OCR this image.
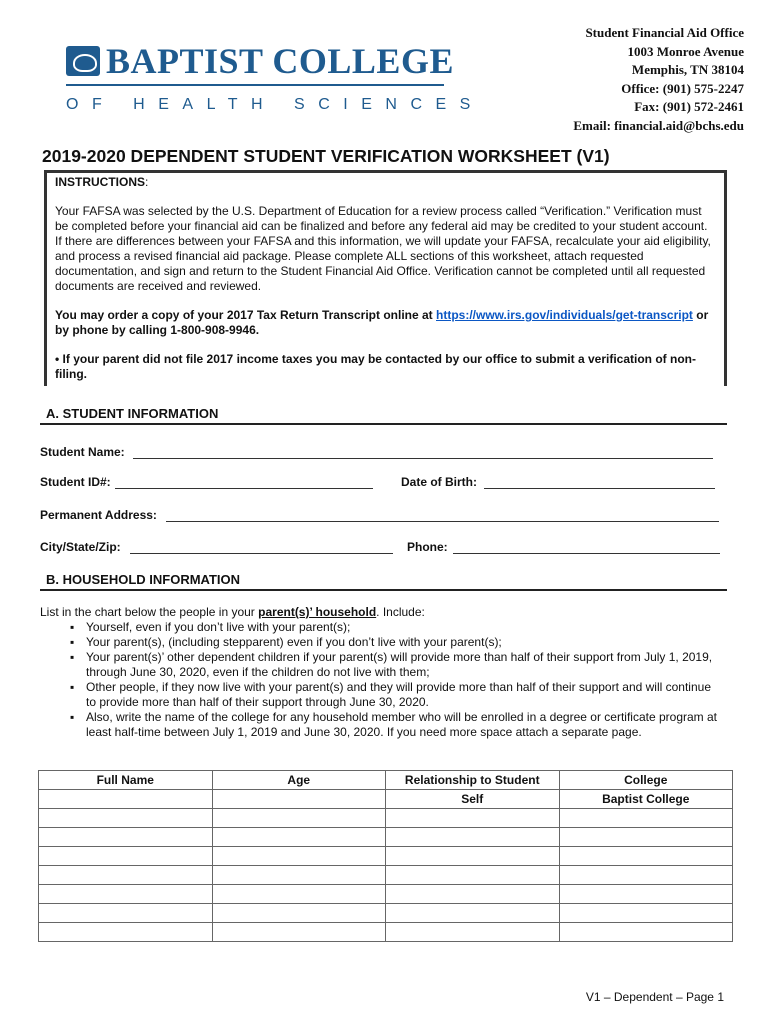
BAPTIST COLLEGE
OF HEALTH SCIENCES
Student Financial Aid Office
1003 Monroe Avenue
Memphis, TN 38104
Office: (901) 575-2247
Fax: (901) 572-2461
Email: financial.aid@bchs.edu
2019-2020 DEPENDENT STUDENT VERIFICATION WORKSHEET (V1)
INSTRUCTIONS:
Your FAFSA was selected by the U.S. Department of Education for a review process called “Verification.” Verification must be completed before your financial aid can be finalized and before any federal aid may be credited to your student account. If there are differences between your FAFSA and this information, we will update your FAFSA, recalculate your aid eligibility, and process a revised financial aid package. Please complete ALL sections of this worksheet, attach requested documentation, and sign and return to the Student Financial Aid Office. Verification cannot be completed until all requested documents are received and reviewed.
You may order a copy of your 2017 Tax Return Transcript online at https://www.irs.gov/individuals/get-transcript or by phone by calling 1-800-908-9946.
• If your parent did not file 2017 income taxes you may be contacted by our office to submit a verification of non-filing.
A. STUDENT INFORMATION
Student Name:
Student ID#:	Date of Birth:
Permanent Address:
City/State/Zip:	Phone:
B. HOUSEHOLD INFORMATION
List in the chart below the people in your parent(s)’ household. Include:
▪ Yourself, even if you don’t live with your parent(s);
▪ Your parent(s), (including stepparent) even if you don’t live with your parent(s);
▪ Your parent(s)’ other dependent children if your parent(s) will provide more than half of their support from July 1, 2019, through June 30, 2020, even if the children do not live with them;
▪ Other people, if they now live with your parent(s) and they will provide more than half of their support and will continue to provide more than half of their support through June 30, 2020.
▪ Also, write the name of the college for any household member who will be enrolled in a degree or certificate program at least half-time between July 1, 2019 and June 30, 2020. If you need more space attach a separate page.
Full Name	Age	Relationship to Student	College
		Self	Baptist College

V1 – Dependent – Page 1
